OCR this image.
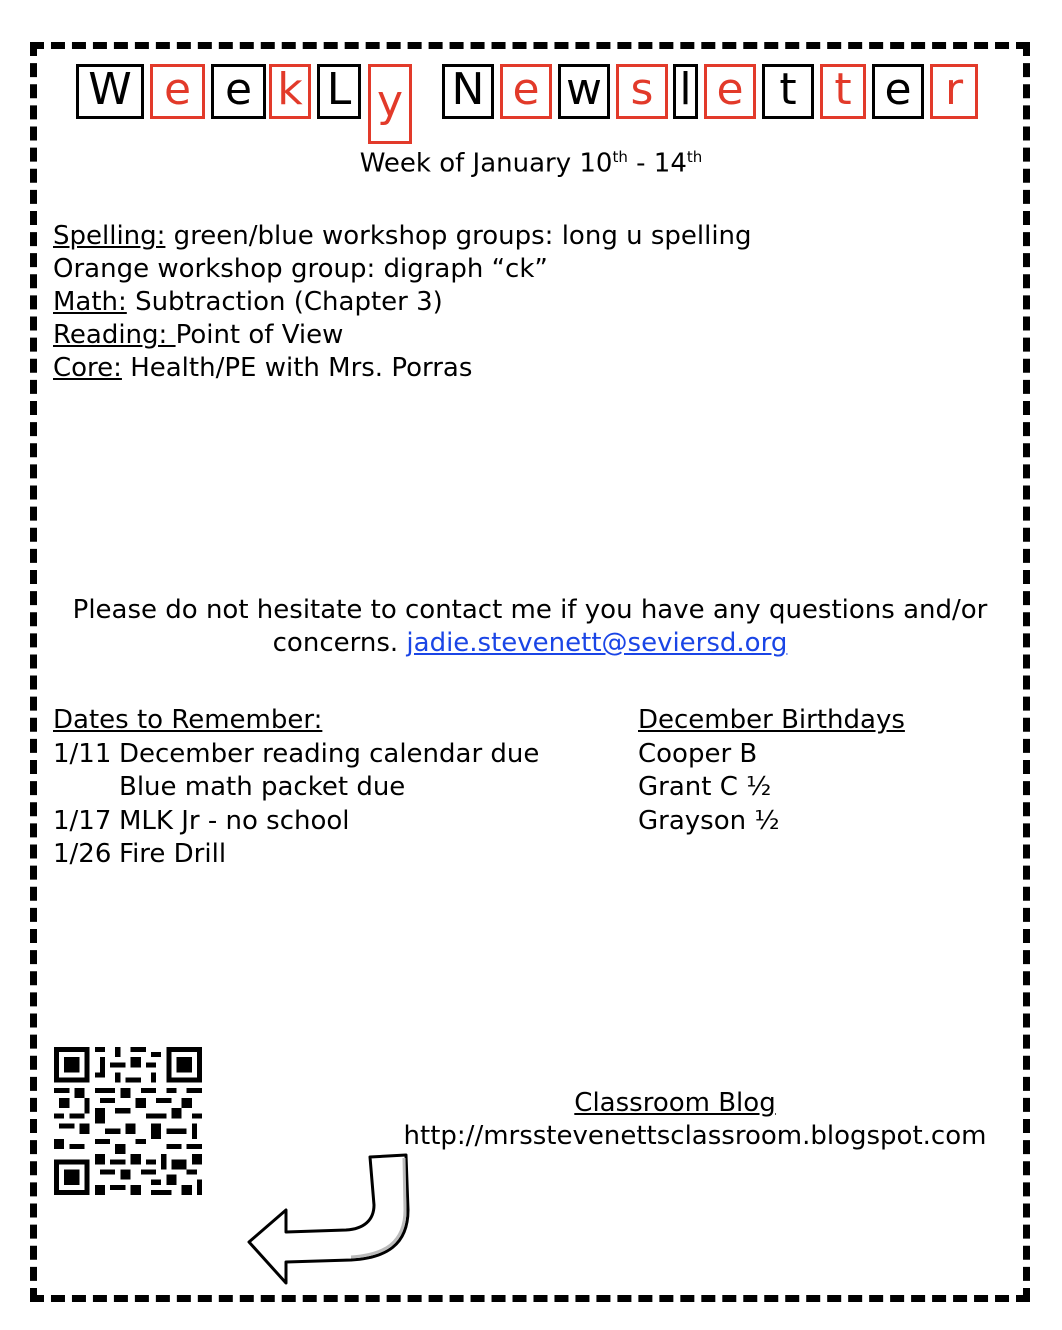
W e e k L y N e w s l e t t e r
Week of January 10th - 14th
Spelling: green/blue workshop groups: long u spelling
Orange workshop group: digraph “ck”
Math: Subtraction (Chapter 3)
Reading: Point of View
Core: Health/PE with Mrs. Porras
Please do not hesitate to contact me if you have any questions and/or concerns. jadie.stevenett@seviersd.org
Dates to Remember:
1/11 December reading calendar due
Blue math packet due
1/17 MLK Jr - no school
1/26 Fire Drill
December Birthdays
Cooper B
Grant C ½
Grayson ½
Classroom Blog
http://mrsstevenettsclassroom.blogspot.com
